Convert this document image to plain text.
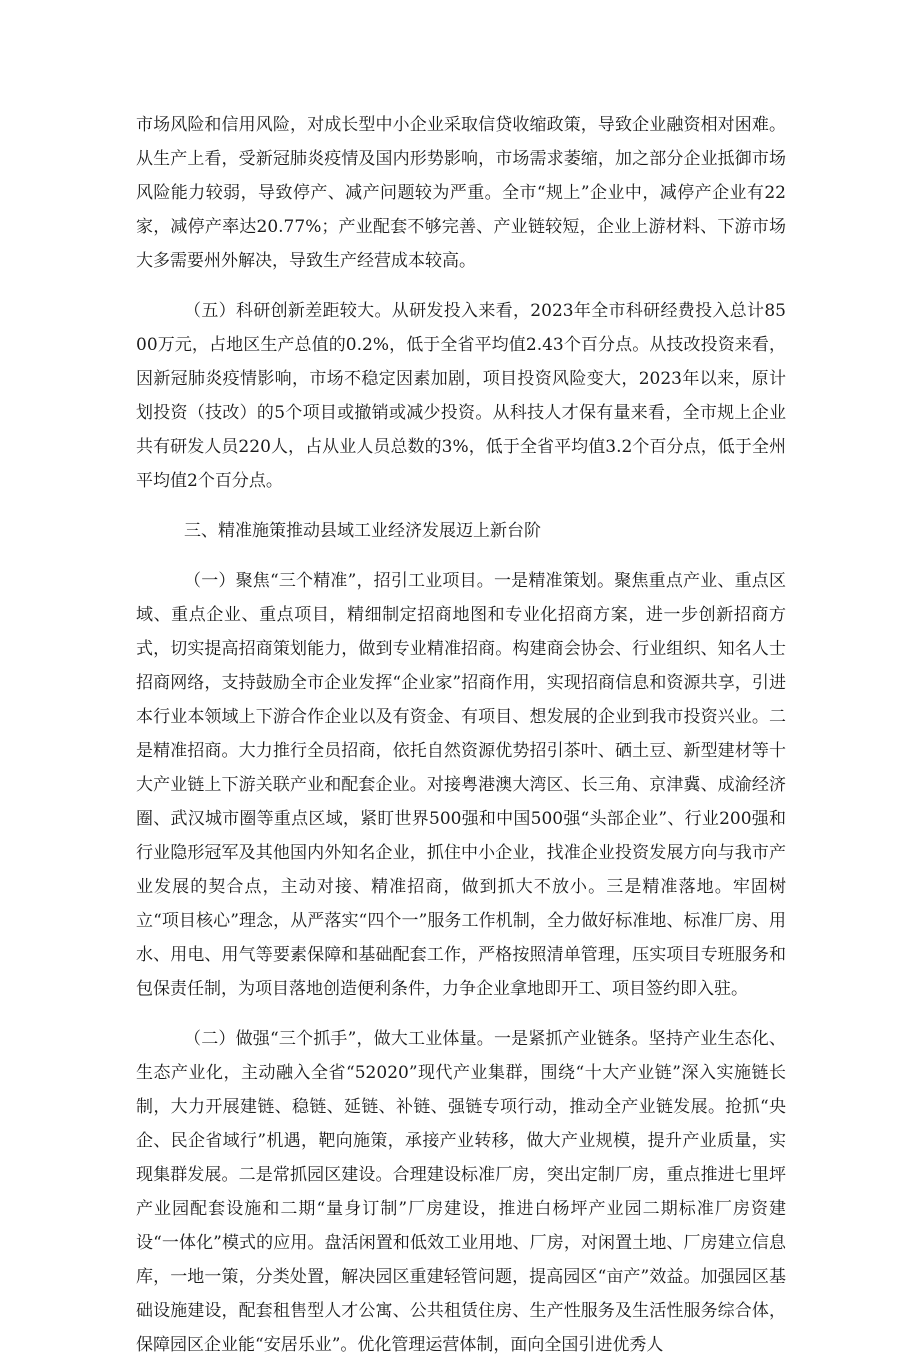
市场风险和信用风险，对成长型中小企业采取信贷收缩政策，导致企业融资相对困难。从生产上看，受新冠肺炎疫情及国内形势影响，市场需求萎缩，加之部分企业抵御市场风险能力较弱，导致停产、减产问题较为严重。全市“规上”企业中，减停产企业有22家，减停产率达20.77%；产业配套不够完善、产业链较短，企业上游材料、下游市场大多需要州外解决，导致生产经营成本较高。

（五）科研创新差距较大。从研发投入来看，2023年全市科研经费投入总计8500万元，占地区生产总值的0.2%，低于全省平均值2.43个百分点。从技改投资来看，因新冠肺炎疫情影响，市场不稳定因素加剧，项目投资风险变大，2023年以来，原计划投资（技改）的5个项目或撤销或减少投资。从科技人才保有量来看，全市规上企业共有研发人员220人，占从业人员总数的3%，低于全省平均值3.2个百分点，低于全州平均值2个百分点。

三、精准施策推动县域工业经济发展迈上新台阶

（一）聚焦“三个精准”，招引工业项目。一是精准策划。聚焦重点产业、重点区域、重点企业、重点项目，精细制定招商地图和专业化招商方案，进一步创新招商方式，切实提高招商策划能力，做到专业精准招商。构建商会协会、行业组织、知名人士招商网络，支持鼓励全市企业发挥“企业家”招商作用，实现招商信息和资源共享，引进本行业本领域上下游合作企业以及有资金、有项目、想发展的企业到我市投资兴业。二是精准招商。大力推行全员招商，依托自然资源优势招引茶叶、硒土豆、新型建材等十大产业链上下游关联产业和配套企业。对接粤港澳大湾区、长三角、京津冀、成渝经济圈、武汉城市圈等重点区域，紧盯世界500强和中国500强“头部企业”、行业200强和行业隐形冠军及其他国内外知名企业，抓住中小企业，找准企业投资发展方向与我市产业发展的契合点，主动对接、精准招商，做到抓大不放小。三是精准落地。牢固树立“项目核心”理念，从严落实“四个一”服务工作机制，全力做好标准地、标准厂房、用水、用电、用气等要素保障和基础配套工作，严格按照清单管理，压实项目专班服务和包保责任制，为项目落地创造便利条件，力争企业拿地即开工、项目签约即入驻。

（二）做强“三个抓手”，做大工业体量。一是紧抓产业链条。坚持产业生态化、生态产业化，主动融入全省“52020”现代产业集群，围绕“十大产业链”深入实施链长制，大力开展建链、稳链、延链、补链、强链专项行动，推动全产业链发展。抢抓“央企、民企省域行”机遇，靶向施策，承接产业转移，做大产业规模，提升产业质量，实现集群发展。二是常抓园区建设。合理建设标准厂房，突出定制厂房，重点推进七里坪产业园配套设施和二期“量身订制”厂房建设，推进白杨坪产业园二期标准厂房资建设“一体化”模式的应用。盘活闲置和低效工业用地、厂房，对闲置土地、厂房建立信息库，一地一策，分类处置，解决园区重建轻管问题，提高园区“亩产”效益。加强园区基础设施建设，配套租售型人才公寓、公共租赁住房、生产性服务及生活性服务综合体，保障园区企业能“安居乐业”。优化管理运营体制，面向全国引进优秀人
